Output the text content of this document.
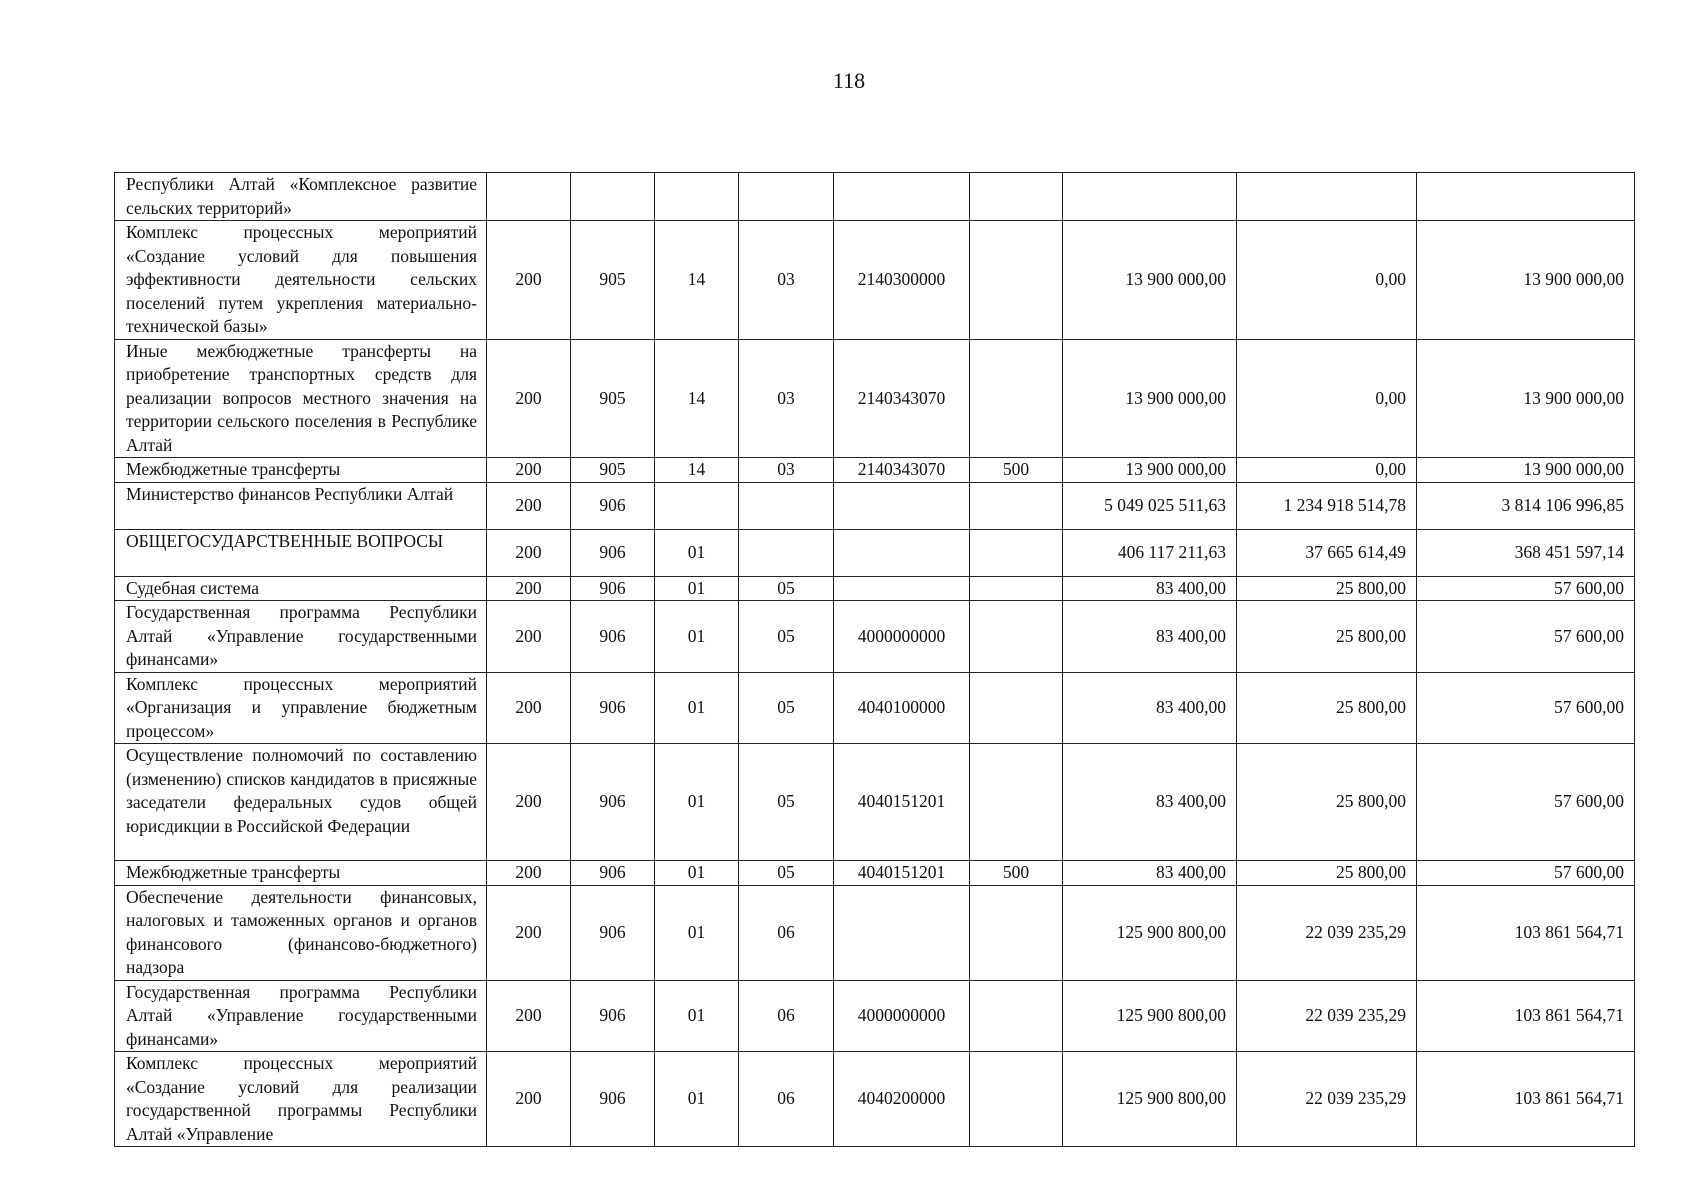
118
Республики Алтай «Комплексное развитие сельских территорий»									
Комплекс процессных мероприятий «Создание условий для повышения эффективности деятельности сельских поселений путем укрепления материально-технической базы»	200	905	14	03	2140300000		13 900 000,00	0,00	13 900 000,00
Иные межбюджетные трансферты на приобретение транспортных средств для реализации вопросов местного значения на территории сельского поселения в Республике Алтай	200	905	14	03	2140343070		13 900 000,00	0,00	13 900 000,00
Межбюджетные трансферты	200	905	14	03	2140343070	500	13 900 000,00	0,00	13 900 000,00
Министерство финансов Республики Алтай	200	906					5 049 025 511,63	1 234 918 514,78	3 814 106 996,85
ОБЩЕГОСУДАРСТВЕННЫЕ ВОПРОСЫ	200	906	01				406 117 211,63	37 665 614,49	368 451 597,14
Судебная система	200	906	01	05			83 400,00	25 800,00	57 600,00
Государственная программа Республики Алтай «Управление государственными финансами»	200	906	01	05	4000000000		83 400,00	25 800,00	57 600,00
Комплекс процессных мероприятий «Организация и управление бюджетным процессом»	200	906	01	05	4040100000		83 400,00	25 800,00	57 600,00
Осуществление полномочий по составлению (изменению) списков кандидатов в присяжные заседатели федеральных судов общей юрисдикции в Российской Федерации	200	906	01	05	4040151201		83 400,00	25 800,00	57 600,00
Межбюджетные трансферты	200	906	01	05	4040151201	500	83 400,00	25 800,00	57 600,00
Обеспечение деятельности финансовых, налоговых и таможенных органов и органов финансового (финансово-бюджетного) надзора	200	906	01	06			125 900 800,00	22 039 235,29	103 861 564,71
Государственная программа Республики Алтай «Управление государственными финансами»	200	906	01	06	4000000000		125 900 800,00	22 039 235,29	103 861 564,71
Комплекс процессных мероприятий «Создание условий для реализации государственной программы Республики Алтай «Управление	200	906	01	06	4040200000		125 900 800,00	22 039 235,29	103 861 564,71
